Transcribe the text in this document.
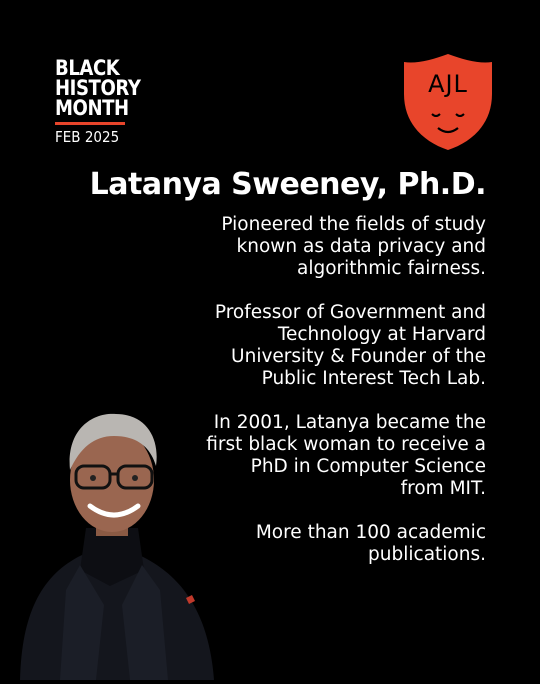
BLACK
HISTORY
MONTH
FEB 2025
AJL
Latanya Sweeney, Ph.D.
Pioneered the fields of study
known as data privacy and
algorithmic fairness.
Professor of Government and
Technology at Harvard
University & Founder of the
Public Interest Tech Lab.
In 2001, Latanya became the
first black woman to receive a
PhD in Computer Science
from MIT.
More than 100 academic
publications.
